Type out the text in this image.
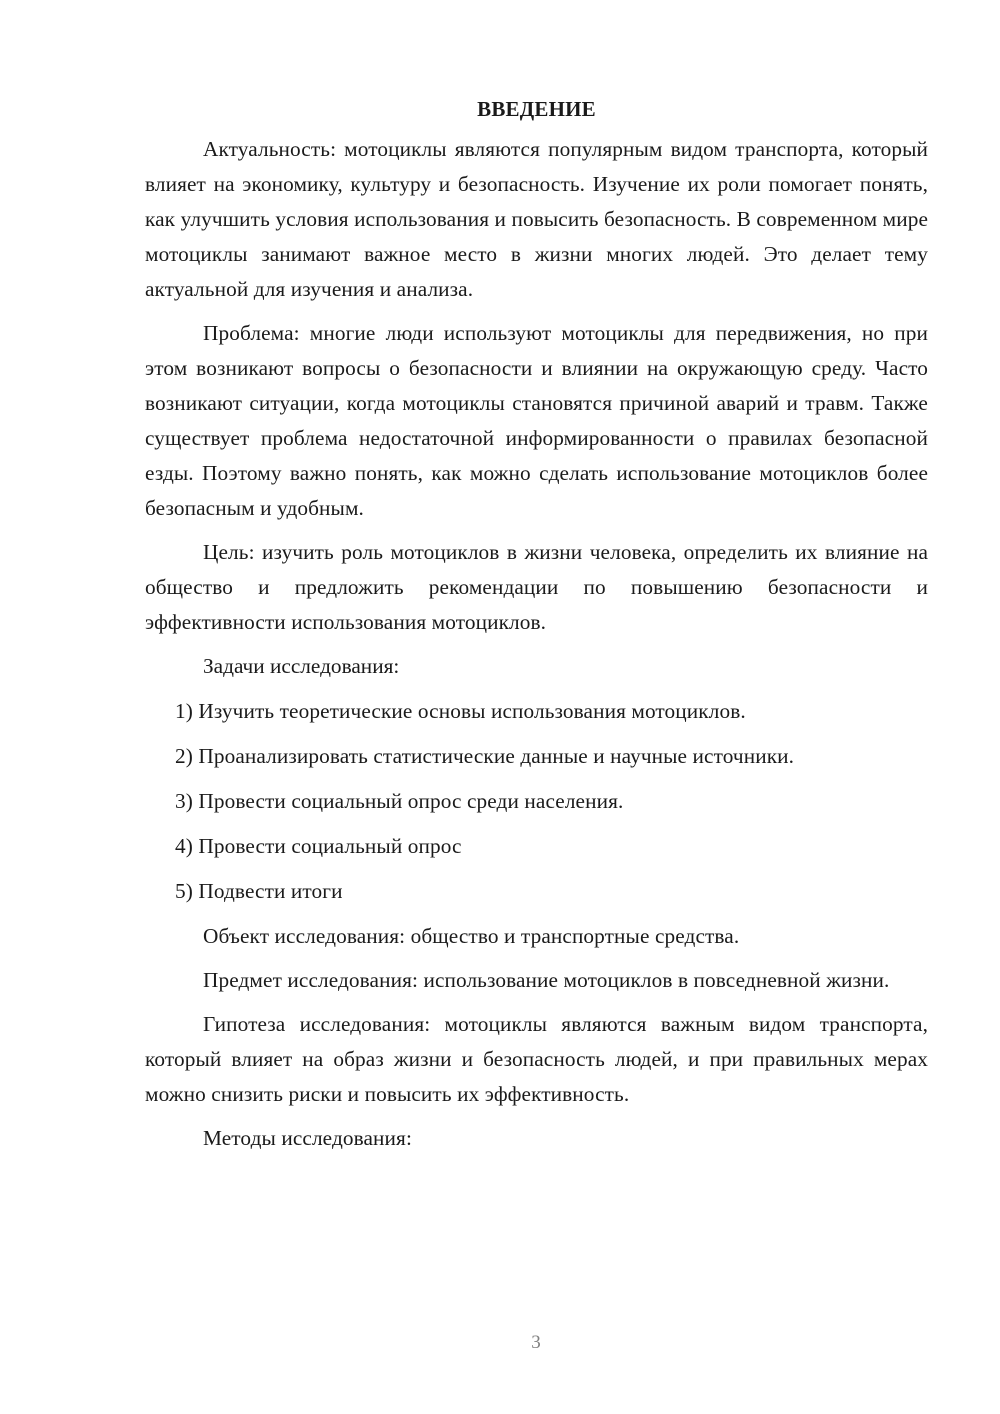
ВВЕДЕНИЕ

Актуальность: мотоциклы являются популярным видом транспорта, который влияет на экономику, культуру и безопасность. Изучение их роли помогает понять, как улучшить условия использования и повысить безопасность. В современном мире мотоциклы занимают важное место в жизни многих людей. Это делает тему актуальной для изучения и анализа.

Проблема: многие люди используют мотоциклы для передвижения, но при этом возникают вопросы о безопасности и влиянии на окружающую среду. Часто возникают ситуации, когда мотоциклы становятся причиной аварий и травм. Также существует проблема недостаточной информированности о правилах безопасной езды. Поэтому важно понять, как можно сделать использование мотоциклов более безопасным и удобным.

Цель: изучить роль мотоциклов в жизни человека, определить их влияние на общество и предложить рекомендации по повышению безопасности и эффективности использования мотоциклов.

Задачи исследования:
1) Изучить теоретические основы использования мотоциклов.
2) Проанализировать статистические данные и научные источники.
3) Провести социальный опрос среди населения.
4) Провести социальный опрос
5) Подвести итоги

Объект исследования: общество и транспортные средства.

Предмет исследования: использование мотоциклов в повседневной жизни.

Гипотеза исследования: мотоциклы являются важным видом транспорта, который влияет на образ жизни и безопасность людей, и при правильных мерах можно снизить риски и повысить их эффективность.

Методы исследования:

3
